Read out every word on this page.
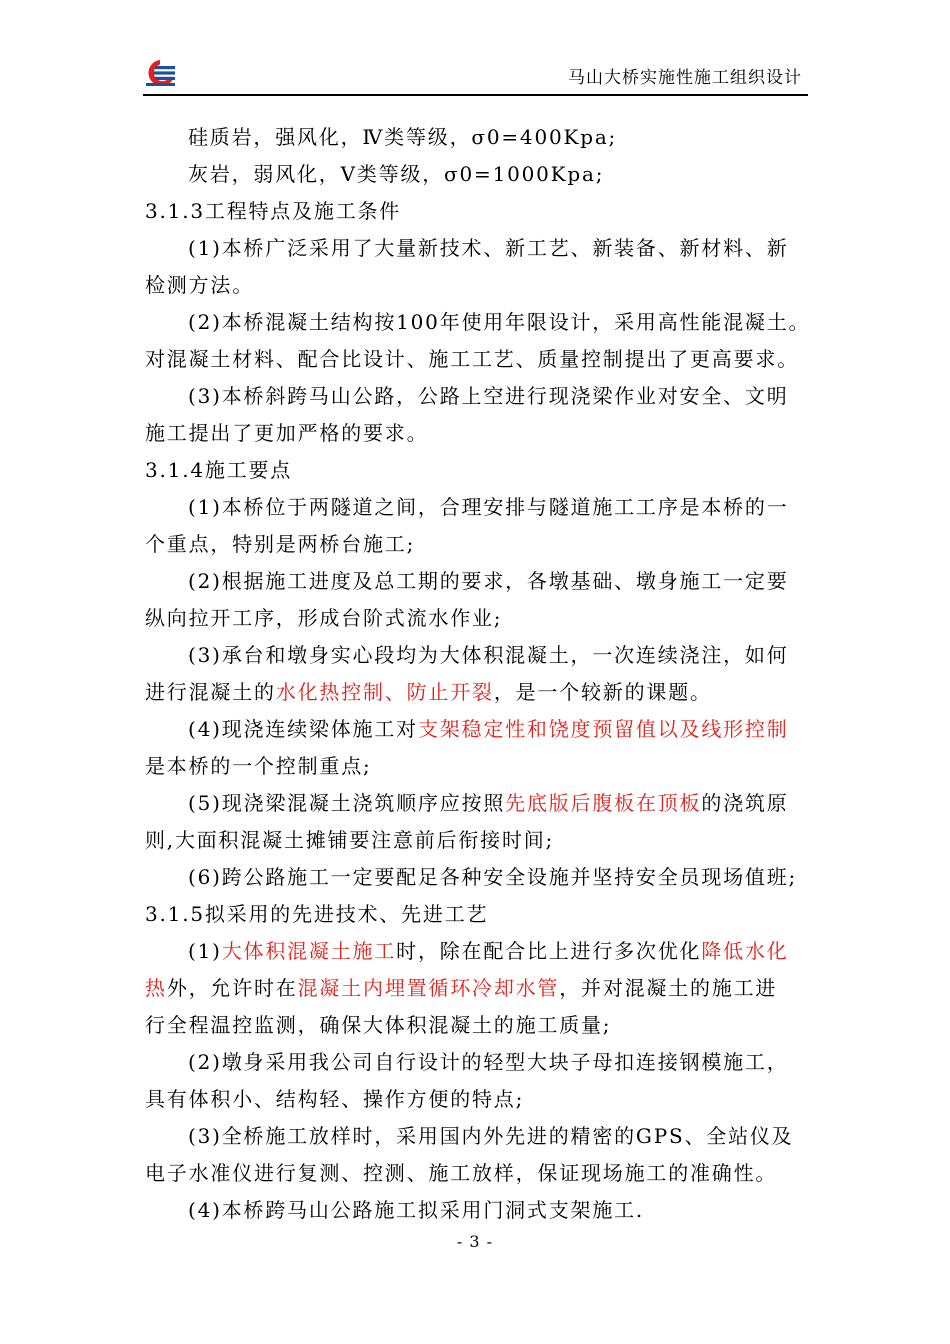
马山大桥实施性施工组织设计
硅质岩，强风化，Ⅳ类等级，σ0=400Kpa;
灰岩，弱风化，Ⅴ类等级，σ0=1000Kpa;
3.1.3工程特点及施工条件
(1)本桥广泛采用了大量新技术、新工艺、新装备、新材料、新
检测方法。
(2)本桥混凝土结构按100年使用年限设计，采用高性能混凝土。
对混凝土材料、配合比设计、施工工艺、质量控制提出了更高要求。
(3)本桥斜跨马山公路，公路上空进行现浇梁作业对安全、文明
施工提出了更加严格的要求。
3.1.4施工要点
(1)本桥位于两隧道之间，合理安排与隧道施工工序是本桥的一
个重点，特别是两桥台施工;
(2)根据施工进度及总工期的要求，各墩基础、墩身施工一定要
纵向拉开工序，形成台阶式流水作业;
(3)承台和墩身实心段均为大体积混凝土，一次连续浇注，如何
进行混凝土的水化热控制、防止开裂，是一个较新的课题。
(4)现浇连续梁体施工对支架稳定性和饶度预留值以及线形控制
是本桥的一个控制重点;
(5)现浇梁混凝土浇筑顺序应按照先底版后腹板在顶板的浇筑原
则,大面积混凝土摊铺要注意前后衔接时间;
(6)跨公路施工一定要配足各种安全设施并坚持安全员现场值班;
3.1.5拟采用的先进技术、先进工艺
(1)大体积混凝土施工时，除在配合比上进行多次优化降低水化
热外，允许时在混凝土内埋置循环冷却水管，并对混凝土的施工进
行全程温控监测，确保大体积混凝土的施工质量;
(2)墩身采用我公司自行设计的轻型大块子母扣连接钢模施工，
具有体积小、结构轻、操作方便的特点;
(3)全桥施工放样时，采用国内外先进的精密的GPS、全站仪及
电子水准仪进行复测、控测、施工放样，保证现场施工的准确性。
(4)本桥跨马山公路施工拟采用门洞式支架施工.
- 3 -
